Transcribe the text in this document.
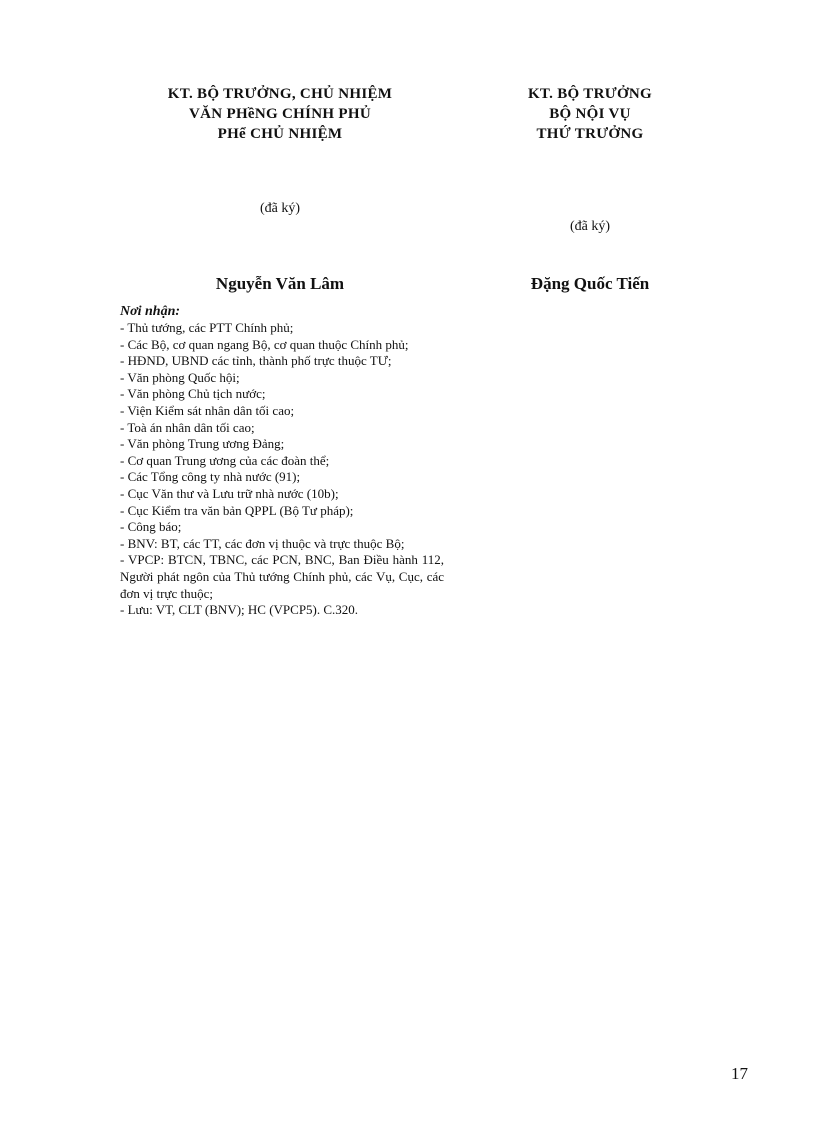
KT. BỘ TRƯỞNG, CHỦ NHIỆM
VĂN PHềNG CHÍNH PHỦ
PHể CHỦ NHIỆM
KT. BỘ TRƯỞNG
BỘ NỘI VỤ
THỨ TRƯỞNG
(đã ký)
(đã ký)
Nguyễn Văn Lâm	Đặng Quốc Tiến
Nơi nhận:
- Thủ tướng, các PTT Chính phủ;
- Các Bộ, cơ quan ngang Bộ, cơ quan thuộc Chính phủ;
- HĐND, UBND các tỉnh, thành phố trực thuộc TƯ;
- Văn phòng Quốc hội;
- Văn phòng Chủ tịch nước;
- Viện Kiểm sát nhân dân tối cao;
- Toà án nhân dân tối cao;
- Văn phòng Trung ương Đảng;
- Cơ quan Trung ương của các đoàn thể;
- Các Tổng công ty nhà nước (91);
- Cục Văn thư và Lưu trữ nhà nước (10b);
- Cục Kiểm tra văn bản QPPL (Bộ Tư pháp);
- Công báo;
- BNV: BT, các TT, các đơn vị thuộc và trực thuộc Bộ;
- VPCP: BTCN, TBNC, các PCN, BNC, Ban Điều hành 112, Người phát ngôn của Thủ tướng Chính phủ, các Vụ, Cục, các đơn vị trực thuộc;
- Lưu: VT, CLT (BNV); HC (VPCP5). C.320.
17
